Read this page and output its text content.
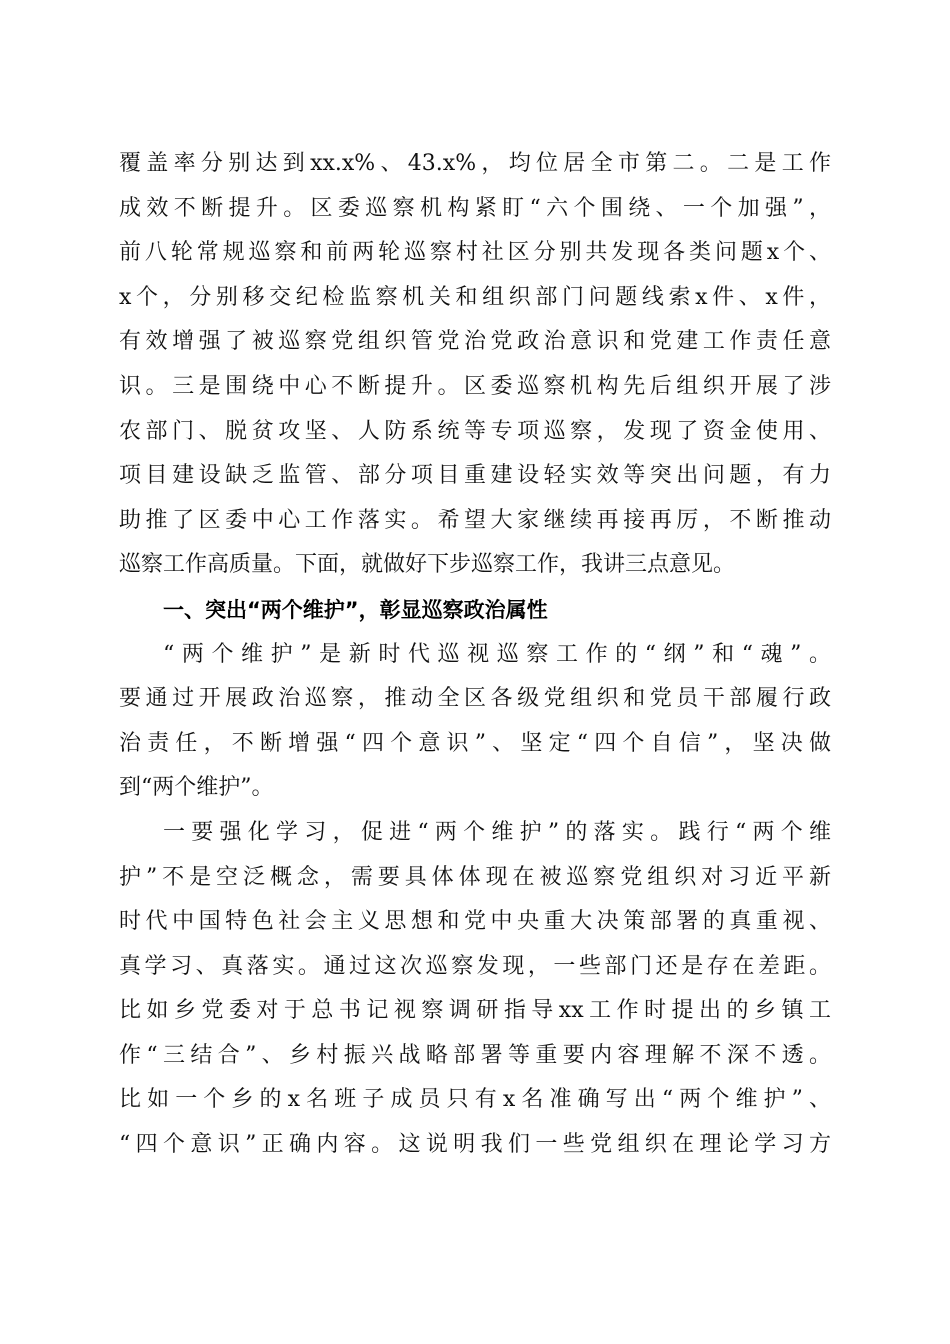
覆盖率分别达到xx.x%、43.x%，均位居全市第二。二是工作
成效不断提升。区委巡察机构紧盯“六个围绕、一个加强”，
前八轮常规巡察和前两轮巡察村社区分别共发现各类问题x个、
x个，分别移交纪检监察机关和组织部门问题线索x件、x件，
有效增强了被巡察党组织管党治党政治意识和党建工作责任意
识。三是围绕中心不断提升。区委巡察机构先后组织开展了涉
农部门、脱贫攻坚、人防系统等专项巡察，发现了资金使用、
项目建设缺乏监管、部分项目重建设轻实效等突出问题，有力
助推了区委中心工作落实。希望大家继续再接再厉，不断推动
巡察工作高质量。下面，就做好下步巡察工作，我讲三点意见。
一、突出“两个维护”，彰显巡察政治属性
“两个维护”是新时代巡视巡察工作的“纲”和“魂”。
要通过开展政治巡察，推动全区各级党组织和党员干部履行政
治责任，不断增强“四个意识”、坚定“四个自信”，坚决做
到“两个维护”。
一要强化学习，促进“两个维护”的落实。践行“两个维
护”不是空泛概念，需要具体体现在被巡察党组织对习近平新
时代中国特色社会主义思想和党中央重大决策部署的真重视、
真学习、真落实。通过这次巡察发现，一些部门还是存在差距。
比如乡党委对于总书记视察调研指导xx工作时提出的乡镇工
作“三结合”、乡村振兴战略部署等重要内容理解不深不透。
比如一个乡的x名班子成员只有x名准确写出“两个维护”、
“四个意识”正确内容。这说明我们一些党组织在理论学习方
